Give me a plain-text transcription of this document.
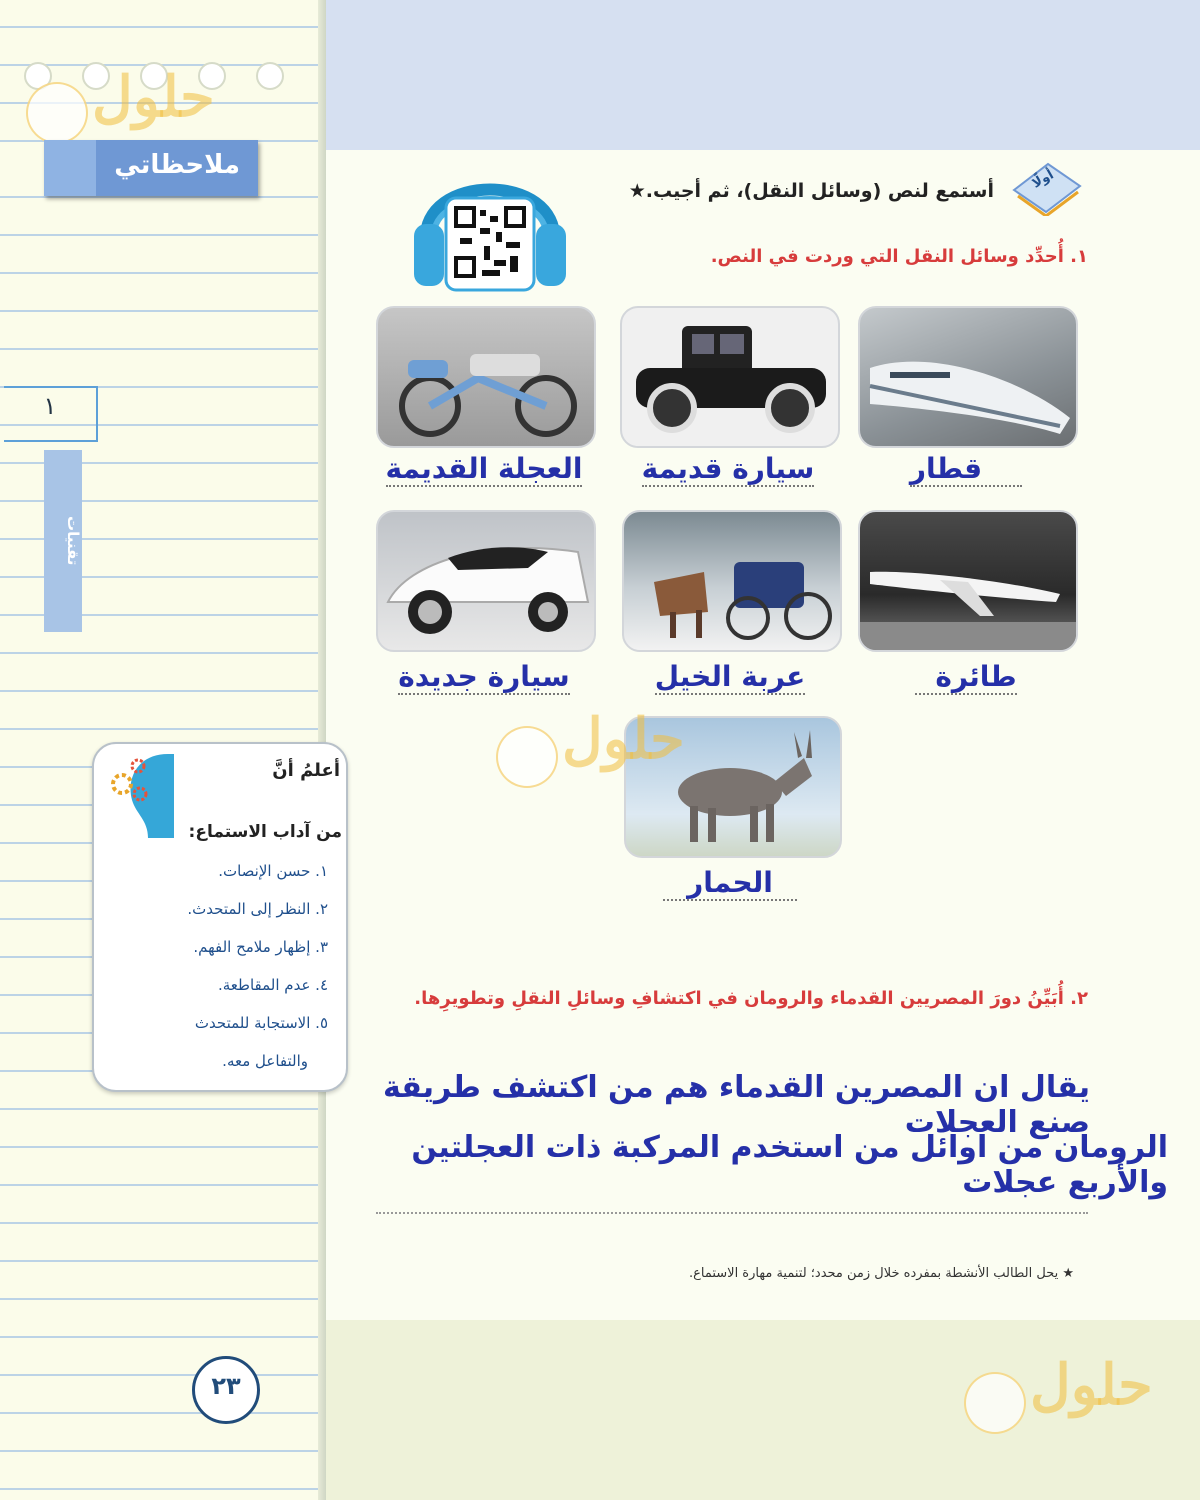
حلول
ملاحظاتي
١
تقنيات
أعلمُ أنَّ
من آداب الاستماع:
١. حسن الإنصات.
٢. النظر إلى المتحدث.
٣. إظهار ملامح الفهم.
٤. عدم المقاطعة.
٥. الاستجابة للمتحدث
والتفاعل معه.
٢٣
أولًا
أستمع لنص (وسائل النقل)، ثم أجيب.★
١. أُحدِّد وسائل النقل التي وردت في النص.
قطار
سيارة قديمة
العجلة القديمة
طائرة
عربة الخيل
سيارة جديدة
الحمار
حلول
٢. أُبَيِّنُ دورَ المصريين القدماء والرومان في اكتشافِ وسائلِ النقلِ وتطويرِها.
يقال ان المصرين القدماء هم من اكتشف طريقة صنع العجلات
الرومان من اوائل من استخدم المركبة ذات العجلتين والأربع عجلات
★ يحل الطالب الأنشطة بمفرده خلال زمن محدد؛ لتنمية مهارة الاستماع.
حلول
